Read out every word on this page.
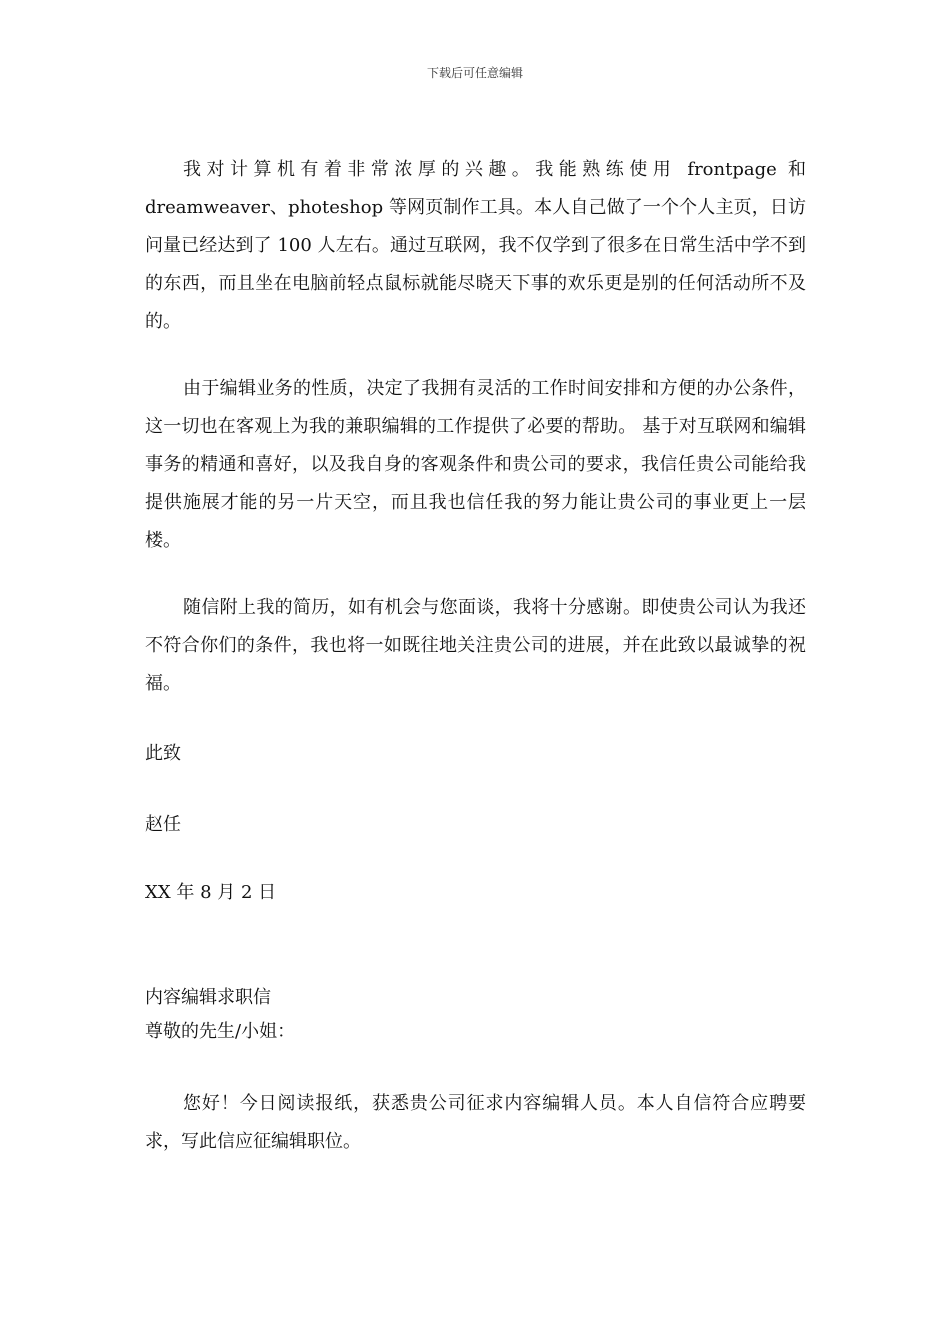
下载后可任意编辑
我对计算机有着非常浓厚的兴趣。我能熟练使用 frontpage 和 dreamweaver、photeshop 等网页制作工具。本人自己做了一个个人主页，日访问量已经达到了 100 人左右。通过互联网，我不仅学到了很多在日常生活中学不到的东西，而且坐在电脑前轻点鼠标就能尽晓天下事的欢乐更是别的任何活动所不及的。
由于编辑业务的性质，决定了我拥有灵活的工作时间安排和方便的办公条件，这一切也在客观上为我的兼职编辑的工作提供了必要的帮助。 基于对互联网和编辑事务的精通和喜好，以及我自身的客观条件和贵公司的要求，我信任贵公司能给我提供施展才能的另一片天空，而且我也信任我的努力能让贵公司的事业更上一层楼。
随信附上我的简历，如有机会与您面谈，我将十分感谢。即使贵公司认为我还不符合你们的条件，我也将一如既往地关注贵公司的进展，并在此致以最诚挚的祝福。
此致
赵任
XX 年 8 月 2 日
内容编辑求职信
尊敬的先生/小姐：
您好！今日阅读报纸，获悉贵公司征求内容编辑人员。本人自信符合应聘要求，写此信应征编辑职位。
